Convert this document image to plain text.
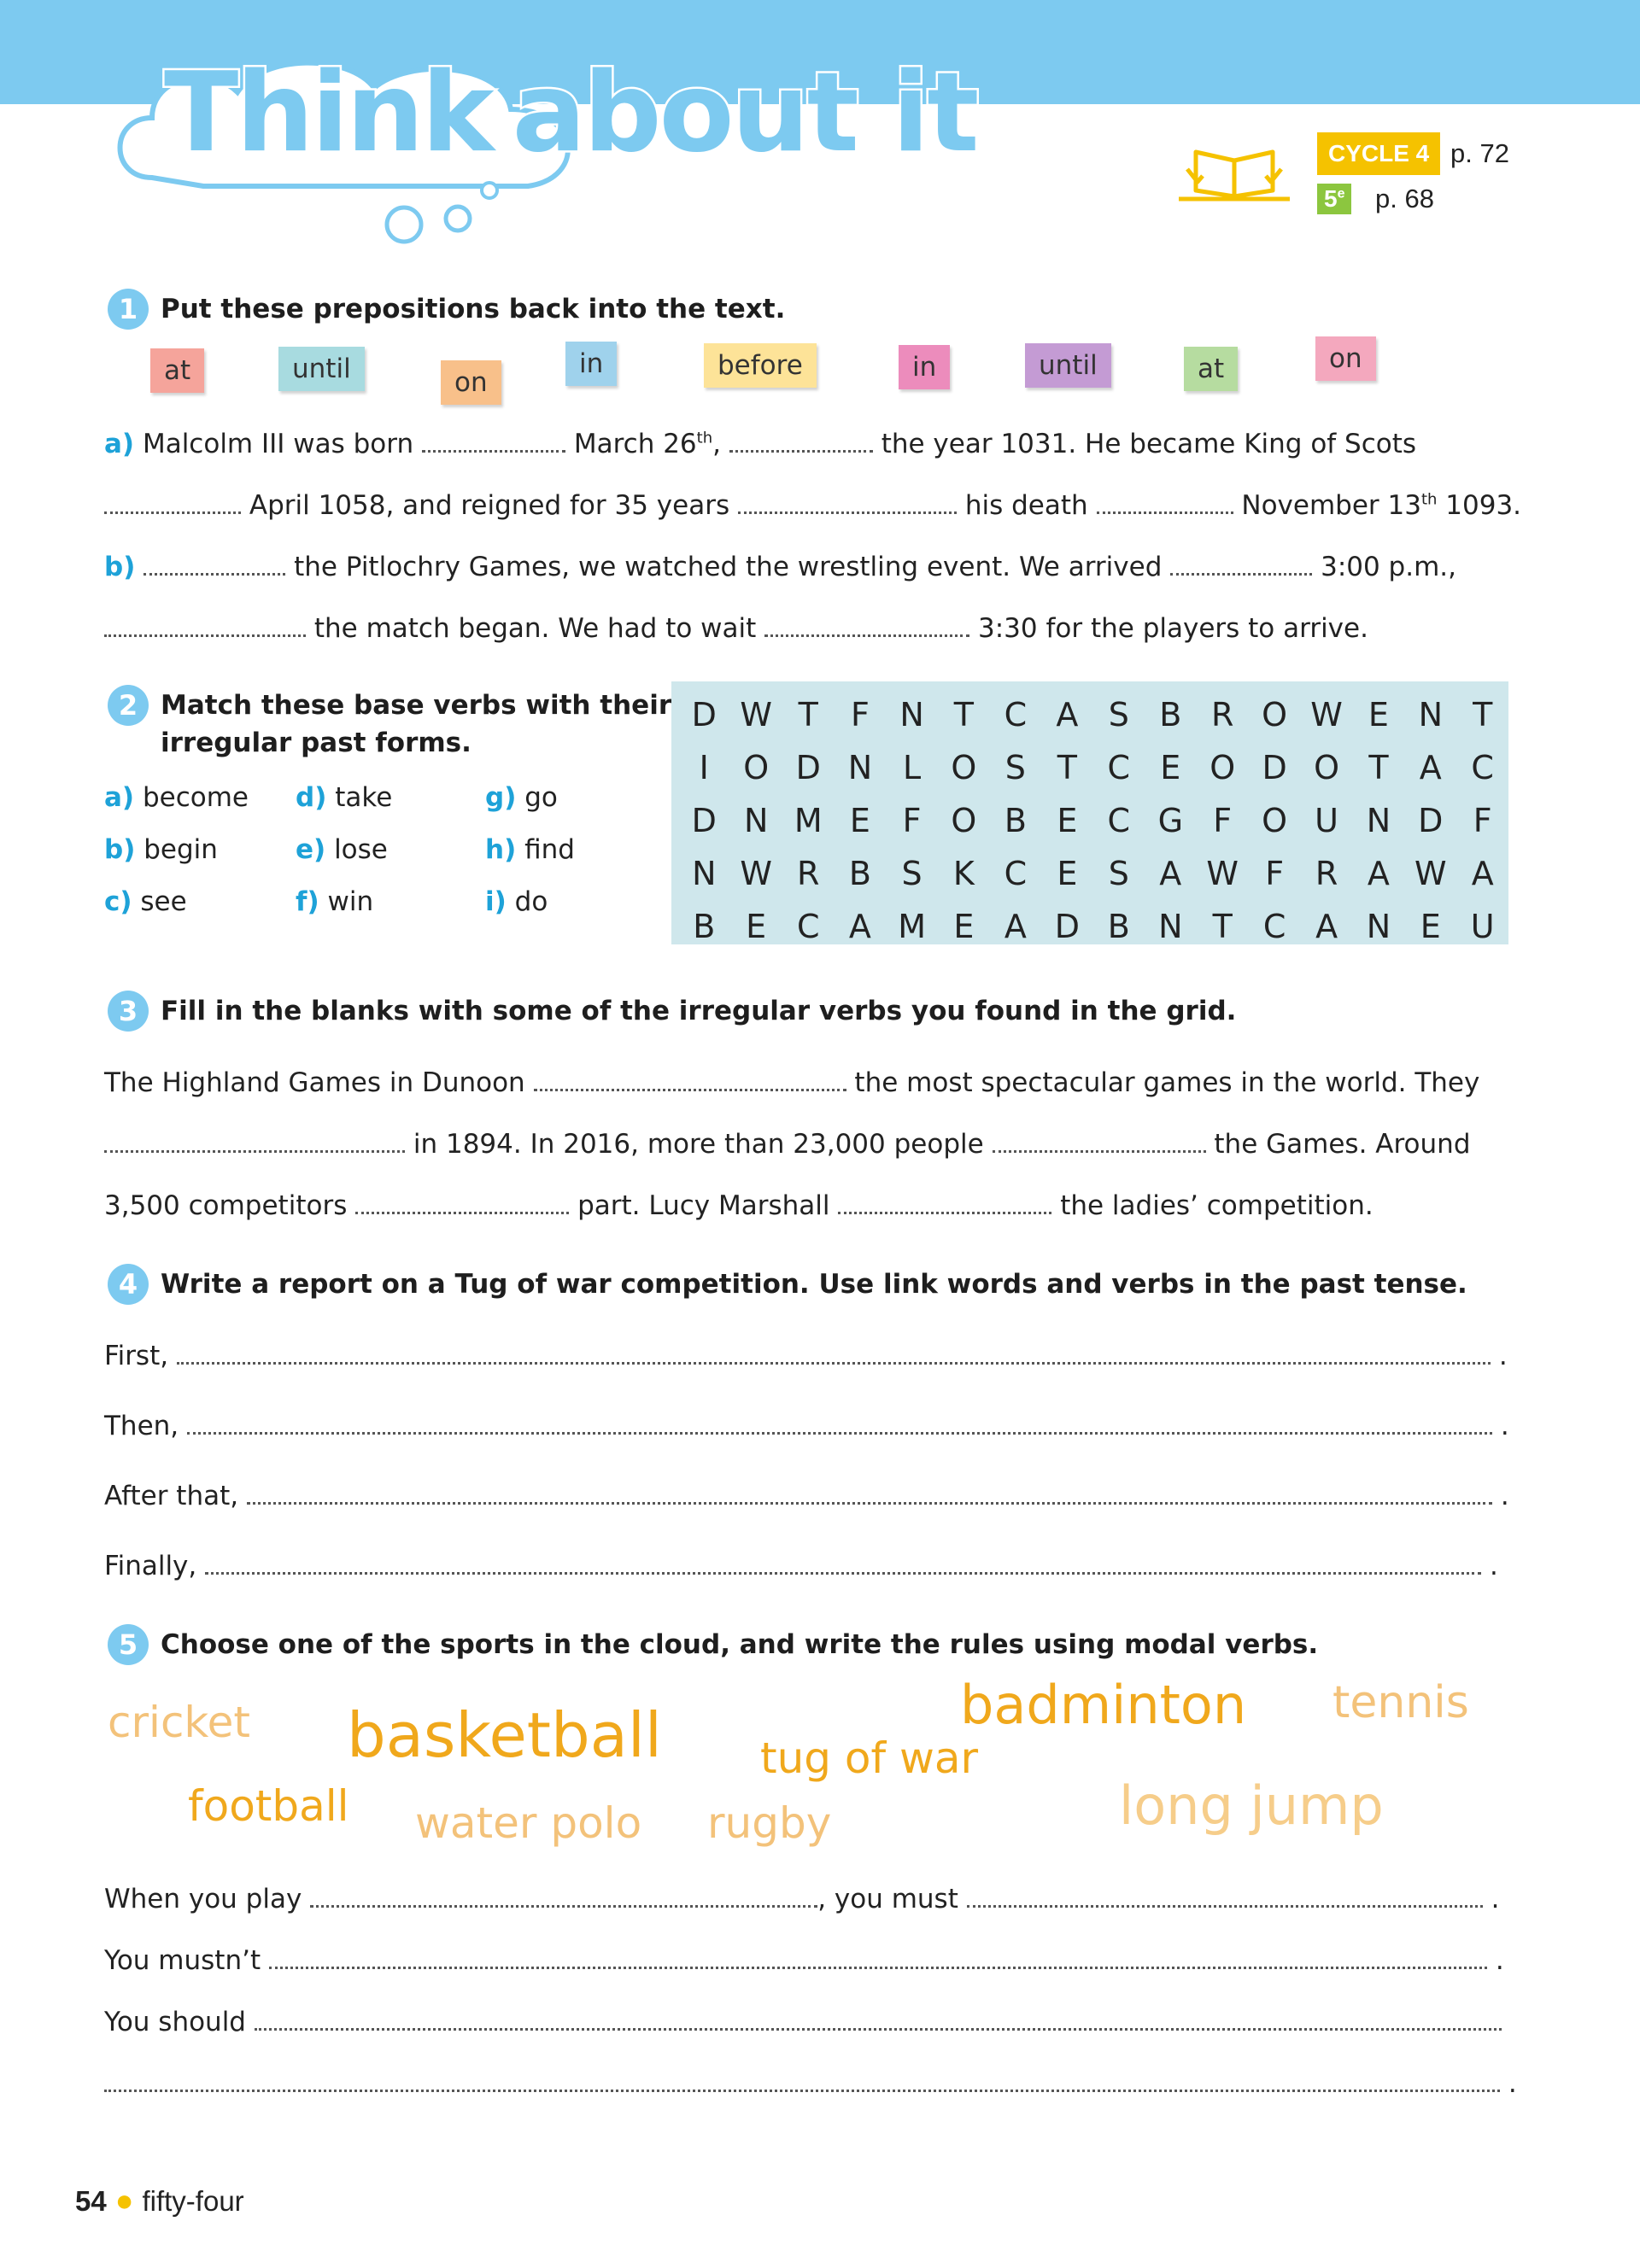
Think about it	CYCLE 4 p. 72
5e p. 68
1 Put these prepositions back into the text.
at	until	on
in	before	in	until	at	on
a) Malcolm III was born	March 26th,	the year 1031. He became King of Scots
April 1058, and reigned for 35 years	his death	November 13th 1093.
b)	the Pitlochry Games, we watched the wrestling event. We arrived	3:00 p.m.,
the match began. We had to wait	3:30 for the players to arrive.
2 Match these base verbs with their
irregular past forms.
a) become d) take	g) go
b) begin	e) lose	h) find
c) see	f) win	i) do
D	W	T	F	N	T	C	A	S	B	R	O	W	E	N	T
I	O	D	N	L	O	S	T	C	E	O	D	O	T	A	C
D	N	M	E	F	O	B	E	C	G	F	O	U	N	D	F
N	W	R	B	S	K	C	E	S	A	W	F	R	A	W	A
B	E	C	A	M	E	A	D	B	N	T	C	A	N	E	U
3 Fill in the blanks with some of the irregular verbs you found in the grid.
The Highland Games in Dunoon	the most spectacular games in the world. They
in 1894. In 2016, more than 23,000 people	the Games. Around
3,500 competitors	part. Lucy Marshall	the ladies’ competition.
4 Write a report on a Tug of war competition. Use link words and verbs in the past tense.
First,	.
Then,	.
After that,	.
Finally,	.
5 Choose one of the sports in the cloud, and write the rules using modal verbs.
cricket basketball tug of war
badminton tennis
football water polo rugby	long jump
When you play	, you must	.
You mustn’t	.
You should
.
54 ● fifty-four
